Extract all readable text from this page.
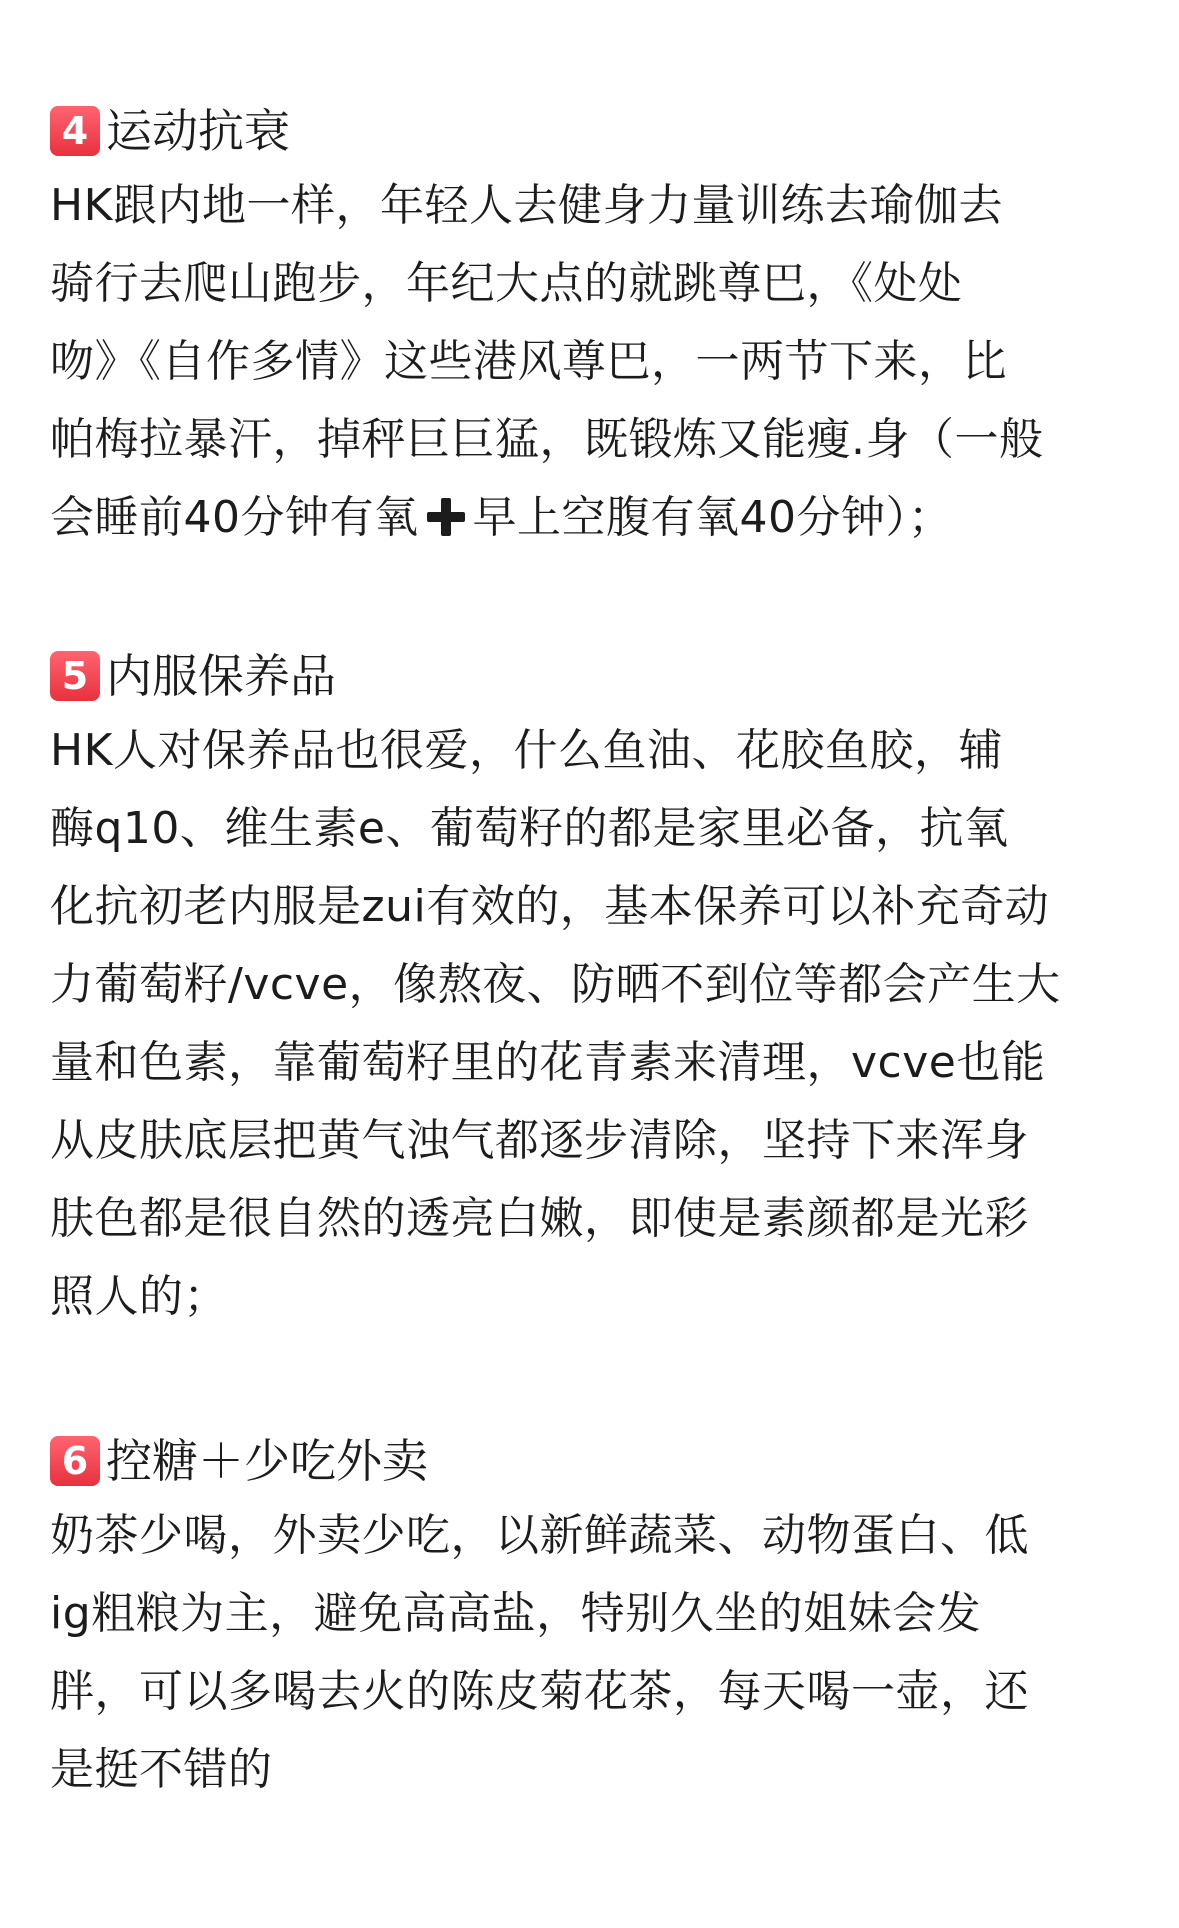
4 运动抗衰
HK跟内地一样，年轻人去健身力量训练去瑜伽去
骑行去爬山跑步，年纪大点的就跳尊巴，《处处
吻》《自作多情》这些港风尊巴，一两节下来，比
帕梅拉暴汗，掉秤巨巨猛，既锻炼又能瘦.身（一般
会睡前40分钟有氧 早上空腹有氧40分钟）；
5 内服保养品
HK人对保养品也很爱，什么鱼油、花胶鱼胶，辅
酶q10、维生素e、葡萄籽的都是家里必备，抗氧
化抗初老内服是zui有效的，基本保养可以补充奇动
力葡萄籽/vcve，像熬夜、防晒不到位等都会产生大
量和色素，靠葡萄籽里的花青素来清理，vcve也能
从皮肤底层把黄气浊气都逐步清除，坚持下来浑身
肤色都是很自然的透亮白嫩，即使是素颜都是光彩
照人的；
6 控糖＋少吃外卖
奶茶少喝，外卖少吃，以新鲜蔬菜、动物蛋白、低
ig粗粮为主，避免高高盐，特别久坐的姐妹会发
胖，可以多喝去火的陈皮菊花茶，每天喝一壶，还
是挺不错的
